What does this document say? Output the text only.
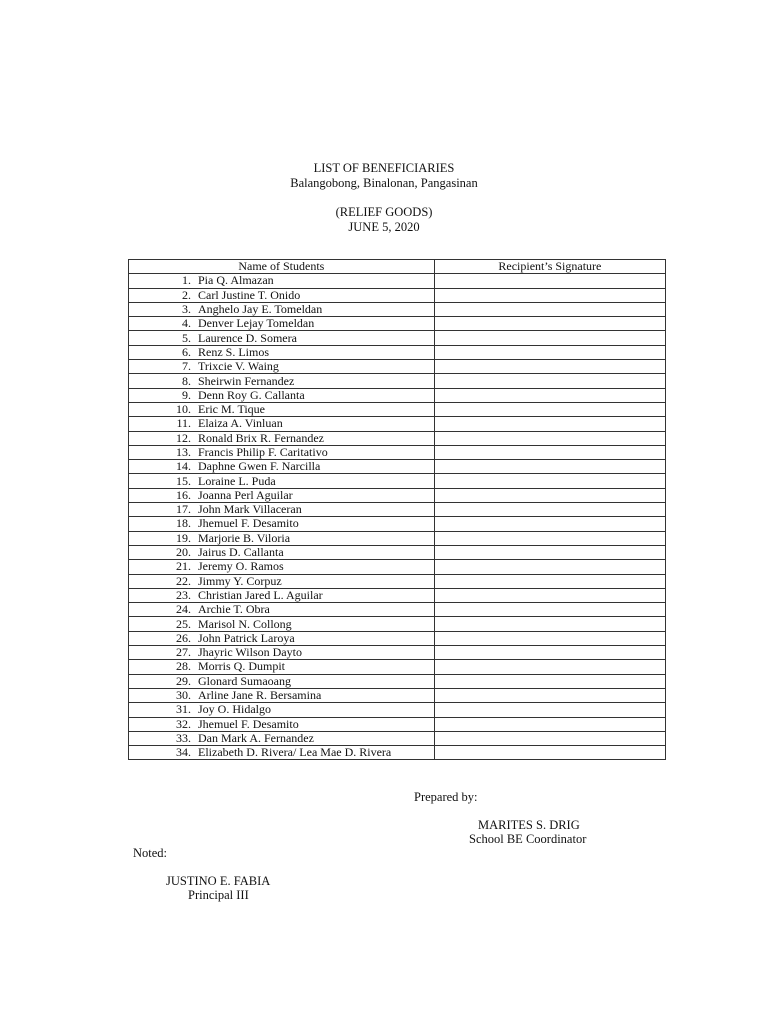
LIST OF BENEFICIARIES
Balangobong, Binalonan, Pangasinan
(RELIEF GOODS)
JUNE 5, 2020
Name of Students	Recipient’s Signature
1. Pia Q. Almazan	
2. Carl Justine T. Onido	
3. Anghelo Jay E. Tomeldan	
4. Denver Lejay Tomeldan	
5. Laurence D. Somera	
6. Renz S. Limos	
7. Trixcie V. Waing	
8. Sheirwin Fernandez	
9. Denn Roy G. Callanta	
10. Eric M. Tique	
11. Elaiza A. Vinluan	
12. Ronald Brix R. Fernandez	
13. Francis Philip F. Caritativo	
14. Daphne Gwen F. Narcilla	
15. Loraine L. Puda	
16. Joanna Perl Aguilar	
17. John Mark Villaceran	
18. Jhemuel F. Desamito	
19. Marjorie B. Viloria	
20. Jairus D. Callanta	
21. Jeremy O. Ramos	
22. Jimmy Y. Corpuz	
23. Christian Jared L. Aguilar	
24. Archie T. Obra	
25. Marisol N. Collong	
26. John Patrick Laroya	
27. Jhayric Wilson Dayto	
28. Morris Q. Dumpit	
29. Glonard Sumaoang	
30. Arline Jane R. Bersamina	
31. Joy O. Hidalgo	
32. Jhemuel F. Desamito	
33. Dan Mark A. Fernandez	
34. Elizabeth D. Rivera/ Lea Mae D. Rivera	
Prepared by:
MARITES S. DRIG
School BE Coordinator
Noted:
JUSTINO E. FABIA
Principal III
